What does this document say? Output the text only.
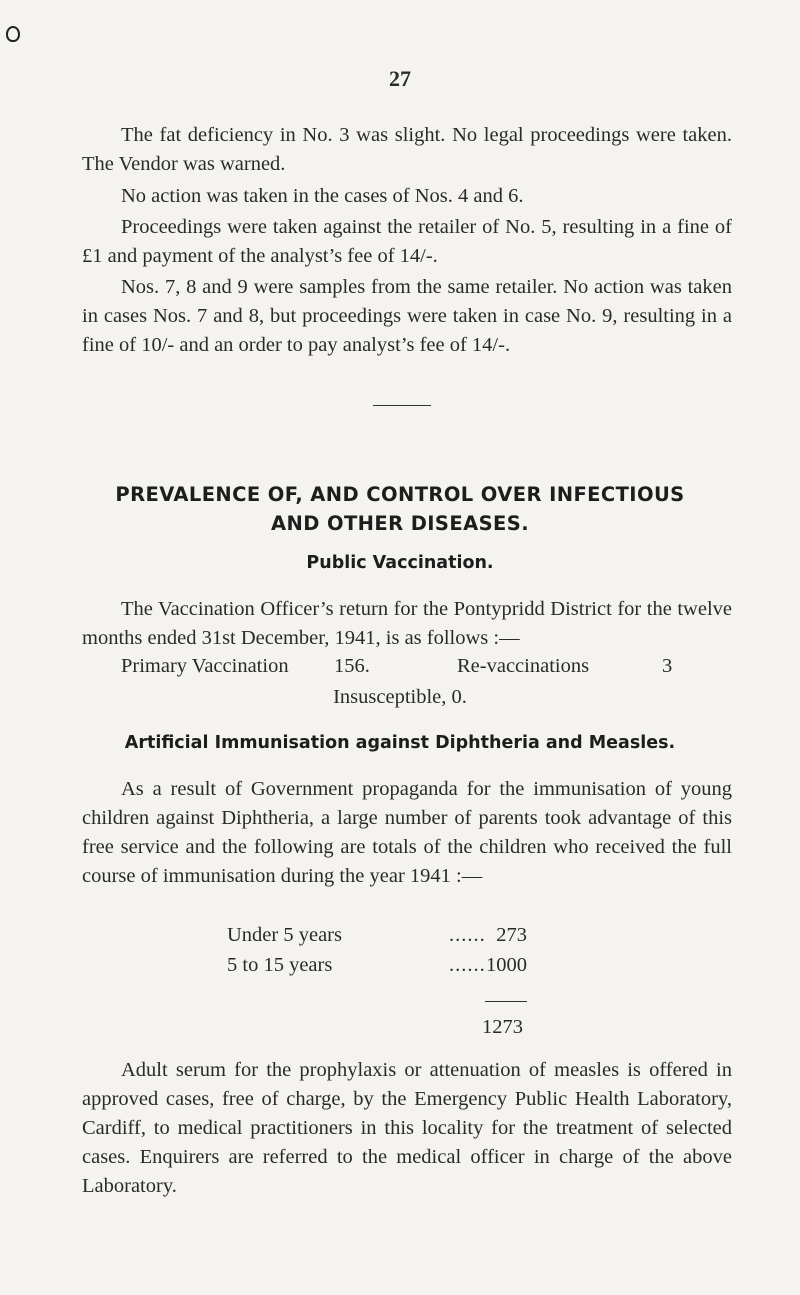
27

The fat deficiency in No. 3 was slight. No legal proceedings were taken. The Vendor was warned.

No action was taken in the cases of Nos. 4 and 6.

Proceedings were taken against the retailer of No. 5, resulting in a fine of £1 and payment of the analyst’s fee of 14/-.

Nos. 7, 8 and 9 were samples from the same retailer. No action was taken in cases Nos. 7 and 8, but proceedings were taken in case No. 9, resulting in a fine of 10/- and an order to pay analyst’s fee of 14/-.

PREVALENCE OF, AND CONTROL OVER INFECTIOUS
AND OTHER DISEASES.
Public Vaccination.

The Vaccination Officer’s return for the Pontypridd District for the twelve months ended 31st December, 1941, is as follows :—

Primary Vaccination 156.	Re-vaccinations	3
Insusceptible, 0.
Artificial Immunisation against Diphtheria and Measles.

As a result of Government propaganda for the immunisation of young children against Diphtheria, a large number of parents took advantage of this free service and the following are totals of the children who received the full course of immunisation during the year 1941 :—

Under 5 years	...... 273
5 to 15 years	...... 1000
1273

Adult serum for the prophylaxis or attenuation of measles is offered in approved cases, free of charge, by the Emergency Public Health Laboratory, Cardiff, to medical practitioners in this locality for the treatment of selected cases. Enquirers are referred to the medical officer in charge of the above Laboratory.
